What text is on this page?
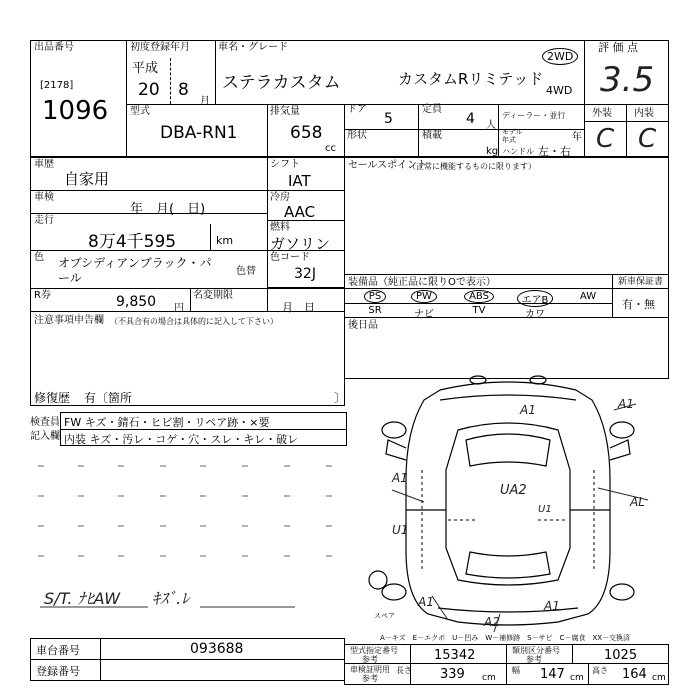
出品番号
[2178]
1096
初度登録年月
平成
20 8
月
車名・グレード
ステラカスタム	カスタムRリミテッド
2WD
4WD
評 価 点
3.5
型式
DBA-RN1
排気量
658
cc
ドア
5
定員
4 人
形状	積載
kg
ディーラー・並行
モデル 年式	年
ハンドル 左・右
外装 内装
C C
車歴
自家用
車検
年　月(　日)
走行
8万4千595	km
色 オブシディアンブラック・パール	色替
R券	9,850 円
シフト
IAT
冷房
AAC
燃料
ガソリン
色コード
32J
名変期限
月　日
セールスポイント
（正常に機能するものに限ります）
装備品（純正品に限りOで表示）	新車保証書
有・無
PS	PW	ABS	エアB	AW
SR	ナビ	TV	カワ
後日品
注意事項申告欄 （不具合有の場合は具体的に記入して下さい）
修復歴 有〔箇所	〕
検査員
記入欄
FW キズ・錆石・ヒビ割・リペア跡・×要
内装 キズ・汚レ・コゲ・穴・スレ・キレ・破レ
S/T. ﾅﾋAW　　ｷｽﾞ.ﾚ
A1	A1
A1
U1
UA2
U1
AL
A1
A2
A1
スペア
A－キズ　E－エクボ　U－凹み　W－補修跡　S－サビ　C－腐食　XX－交換済
車台番号	093688
登録番号
型式指定番号
参考	15342	類別区分番号
参考	1025
車検証明用
参考
長さ 339 cm
幅 147 cm
高さ 164 cm
